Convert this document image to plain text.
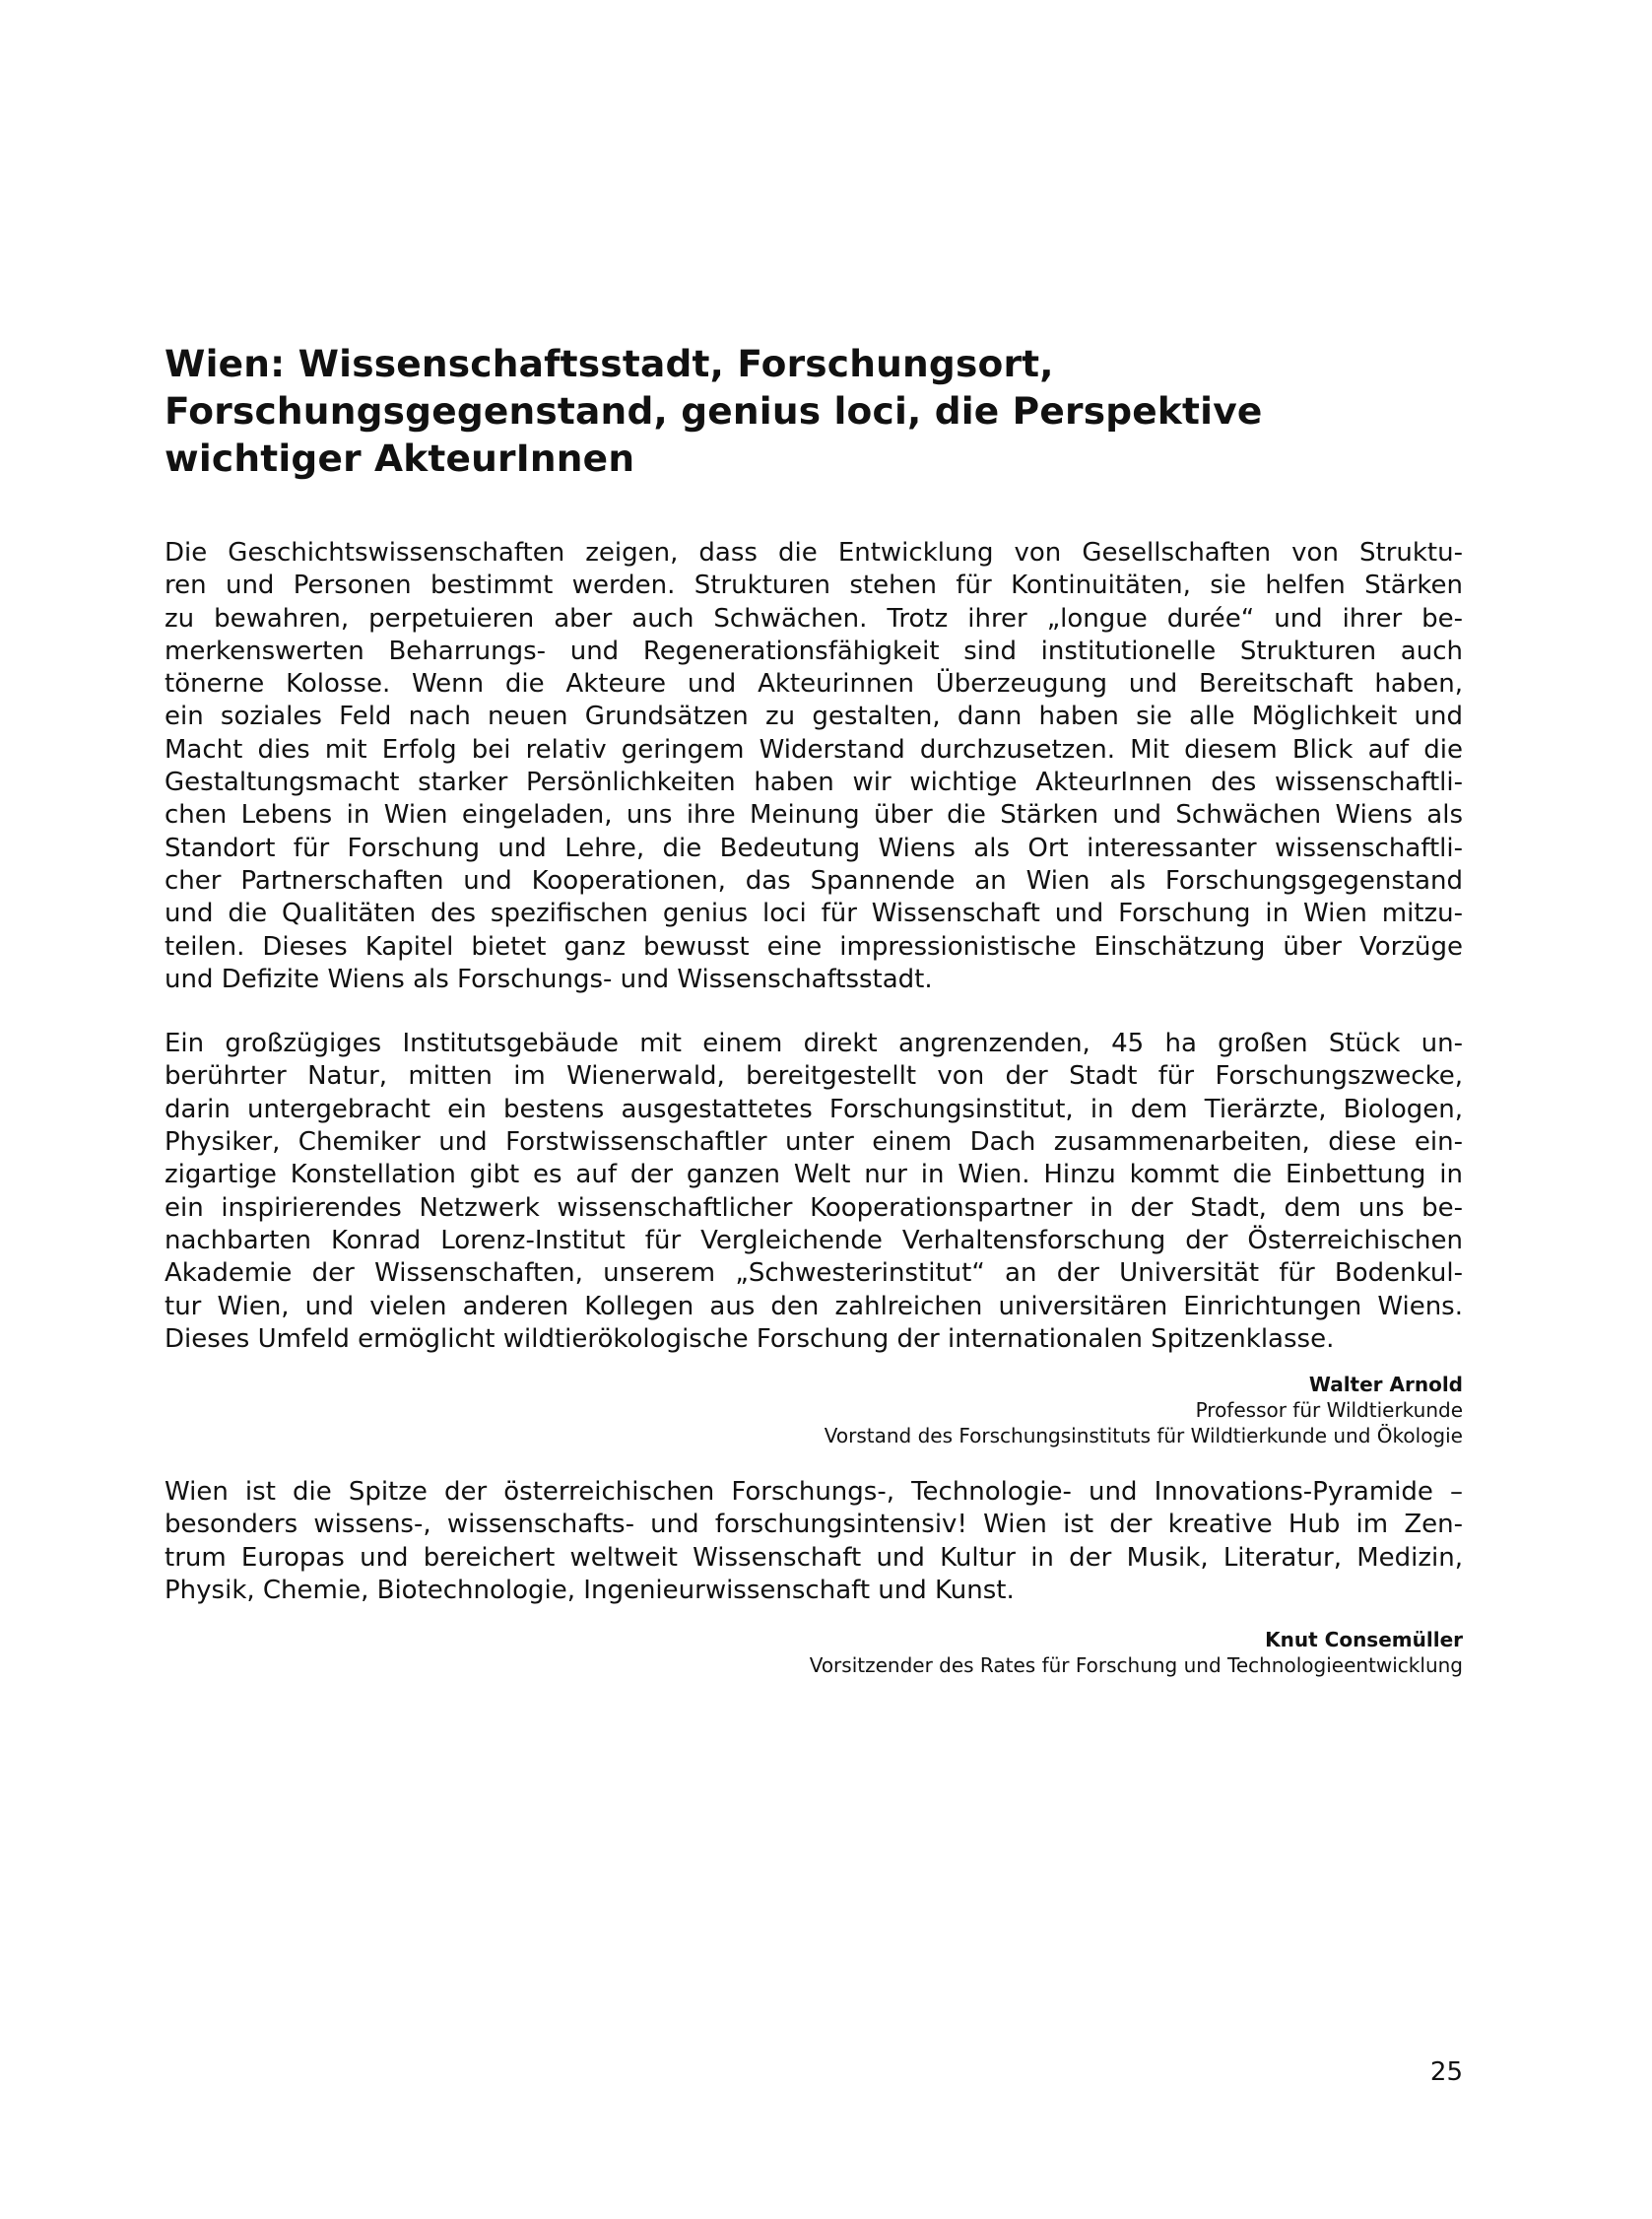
Wien: Wissenschaftsstadt, Forschungsort,
Forschungsgegenstand, genius loci, die Perspektive
wichtiger AkteurInnen
Die Geschichtswissenschaften zeigen, dass die Entwicklung von Gesellschaften von Struktu-
ren und Personen bestimmt werden. Strukturen stehen für Kontinuitäten, sie helfen Stärken
zu bewahren, perpetuieren aber auch Schwächen. Trotz ihrer „longue durée“ und ihrer be-
merkenswerten Beharrungs- und Regenerationsfähigkeit sind institutionelle Strukturen auch
tönerne Kolosse. Wenn die Akteure und Akteurinnen Überzeugung und Bereitschaft haben,
ein soziales Feld nach neuen Grundsätzen zu gestalten, dann haben sie alle Möglichkeit und
Macht dies mit Erfolg bei relativ geringem Widerstand durchzusetzen. Mit diesem Blick auf die
Gestaltungsmacht starker Persönlichkeiten haben wir wichtige AkteurInnen des wissenschaftli-
chen Lebens in Wien eingeladen, uns ihre Meinung über die Stärken und Schwächen Wiens als
Standort für Forschung und Lehre, die Bedeutung Wiens als Ort interessanter wissenschaftli-
cher Partnerschaften und Kooperationen, das Spannende an Wien als Forschungsgegenstand
und die Qualitäten des spezifischen genius loci für Wissenschaft und Forschung in Wien mitzu-
teilen. Dieses Kapitel bietet ganz bewusst eine impressionistische Einschätzung über Vorzüge
und Defizite Wiens als Forschungs- und Wissenschaftsstadt.
Ein großzügiges Institutsgebäude mit einem direkt angrenzenden, 45 ha großen Stück un-
berührter Natur, mitten im Wienerwald, bereitgestellt von der Stadt für Forschungszwecke,
darin untergebracht ein bestens ausgestattetes Forschungsinstitut, in dem Tierärzte, Biologen,
Physiker, Chemiker und Forstwissenschaftler unter einem Dach zusammenarbeiten, diese ein-
zigartige Konstellation gibt es auf der ganzen Welt nur in Wien. Hinzu kommt die Einbettung in
ein inspirierendes Netzwerk wissenschaftlicher Kooperationspartner in der Stadt, dem uns be-
nachbarten Konrad Lorenz-Institut für Vergleichende Verhaltensforschung der Österreichischen
Akademie der Wissenschaften, unserem „Schwesterinstitut“ an der Universität für Bodenkul-
tur Wien, und vielen anderen Kollegen aus den zahlreichen universitären Einrichtungen Wiens.
Dieses Umfeld ermöglicht wildtierökologische Forschung der internationalen Spitzenklasse.
Walter Arnold
Professor für Wildtierkunde
Vorstand des Forschungsinstituts für Wildtierkunde und Ökologie
Wien ist die Spitze der österreichischen Forschungs-, Technologie- und Innovations-Pyramide –
besonders wissens-, wissenschafts- und forschungsintensiv! Wien ist der kreative Hub im Zen-
trum Europas und bereichert weltweit Wissenschaft und Kultur in der Musik, Literatur, Medizin,
Physik, Chemie, Biotechnologie, Ingenieurwissenschaft und Kunst.
Knut Consemüller
Vorsitzender des Rates für Forschung und Technologieentwicklung
25
